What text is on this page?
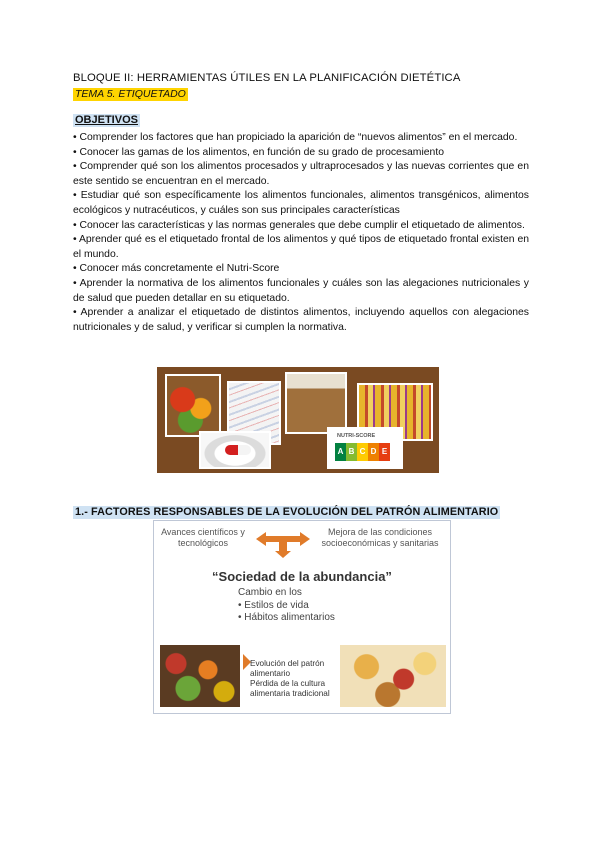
BLOQUE II: HERRAMIENTAS ÚTILES EN LA PLANIFICACIÓN DIETÉTICA
TEMA 5. ETIQUETADO
OBJETIVOS

• Comprender los factores que han propiciado la aparición de “nuevos alimentos” en el mercado.

• Conocer las gamas de los alimentos, en función de su grado de procesamiento

• Comprender qué son los alimentos procesados y ultraprocesados y las nuevas corrientes que en este sentido se encuentran en el mercado.

• Estudiar qué son específicamente los alimentos funcionales, alimentos transgénicos, alimentos ecológicos y nutracéuticos, y cuáles son sus principales características

• Conocer las características y las normas generales que debe cumplir el etiquetado de alimentos.

• Aprender qué es el etiquetado frontal de los alimentos y qué tipos de etiquetado frontal existen en el mundo.

• Conocer más concretamente el Nutri-Score

• Aprender la normativa de los alimentos funcionales y cuáles son las alegaciones nutricionales y de salud que pueden detallar en su etiquetado.

• Aprender a analizar el etiquetado de distintos alimentos, incluyendo aquellos con alegaciones nutricionales y de salud, y verificar si cumplen la normativa.

NUTRI-SCORE
A B C D E
1.- FACTORES RESPONSABLES DE LA EVOLUCIÓN DEL PATRÓN ALIMENTARIO
Avances científicos y tecnológicos
Mejora de las condiciones socioeconómicas y sanitarias
“Sociedad de la abundancia”
Cambio en los
• Estilos de vida
• Hábitos alimentarios
Evolución del patrón alimentario
Pérdida de la cultura alimentaria tradicional
